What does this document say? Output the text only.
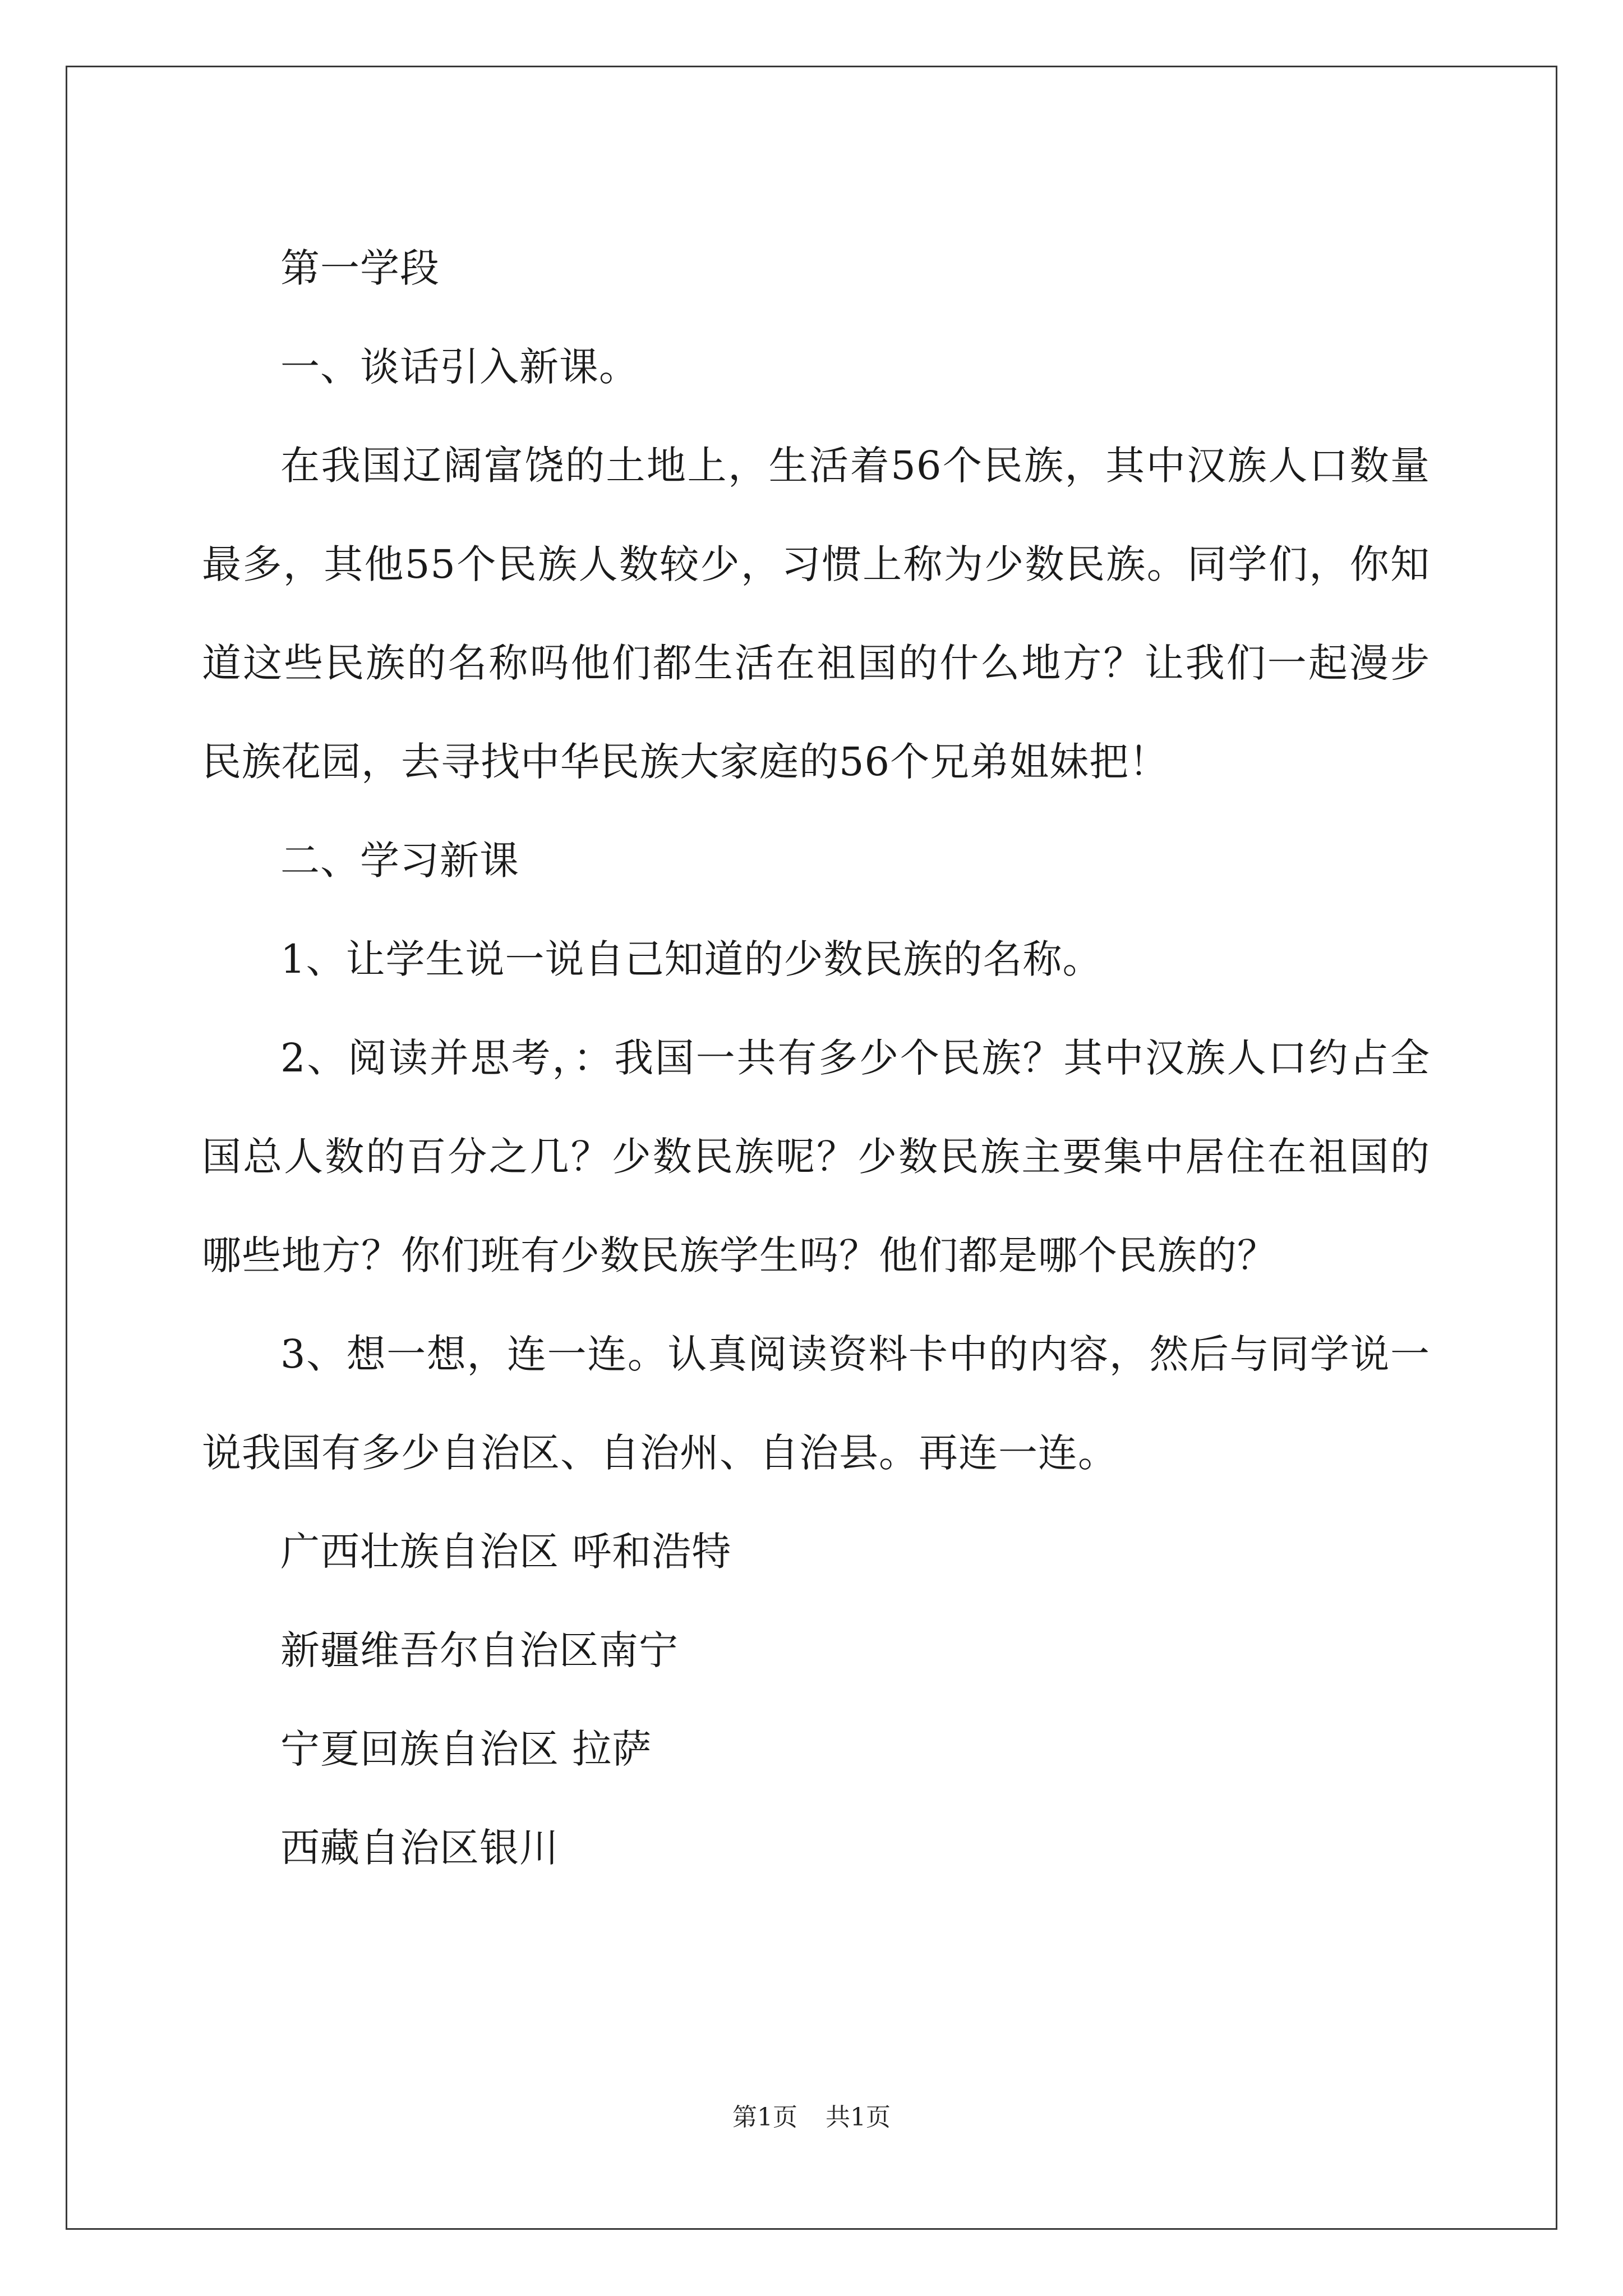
第一学段

一、谈话引入新课。

在我国辽阔富饶的土地上，生活着56个民族，其中汉族人口数量最多，其他55个民族人数较少，习惯上称为少数民族。同学们，你知道这些民族的名称吗他们都生活在祖国的什么地方？让我们一起漫步民族花园，去寻找中华民族大家庭的56个兄弟姐妹把！

二、学习新课

1、让学生说一说自己知道的少数民族的名称。

2、阅读并思考，：我国一共有多少个民族？其中汉族人口约占全国总人数的百分之几？少数民族呢？少数民族主要集中居住在祖国的哪些地方？你们班有少数民族学生吗？他们都是哪个民族的？

3、想一想，连一连。认真阅读资料卡中的内容，然后与同学说一说我国有多少自治区、自治州、自治县。再连一连。

广西壮族自治区 呼和浩特

新疆维吾尔自治区南宁

宁夏回族自治区 拉萨

西藏自治区银川

第1页 共1页
